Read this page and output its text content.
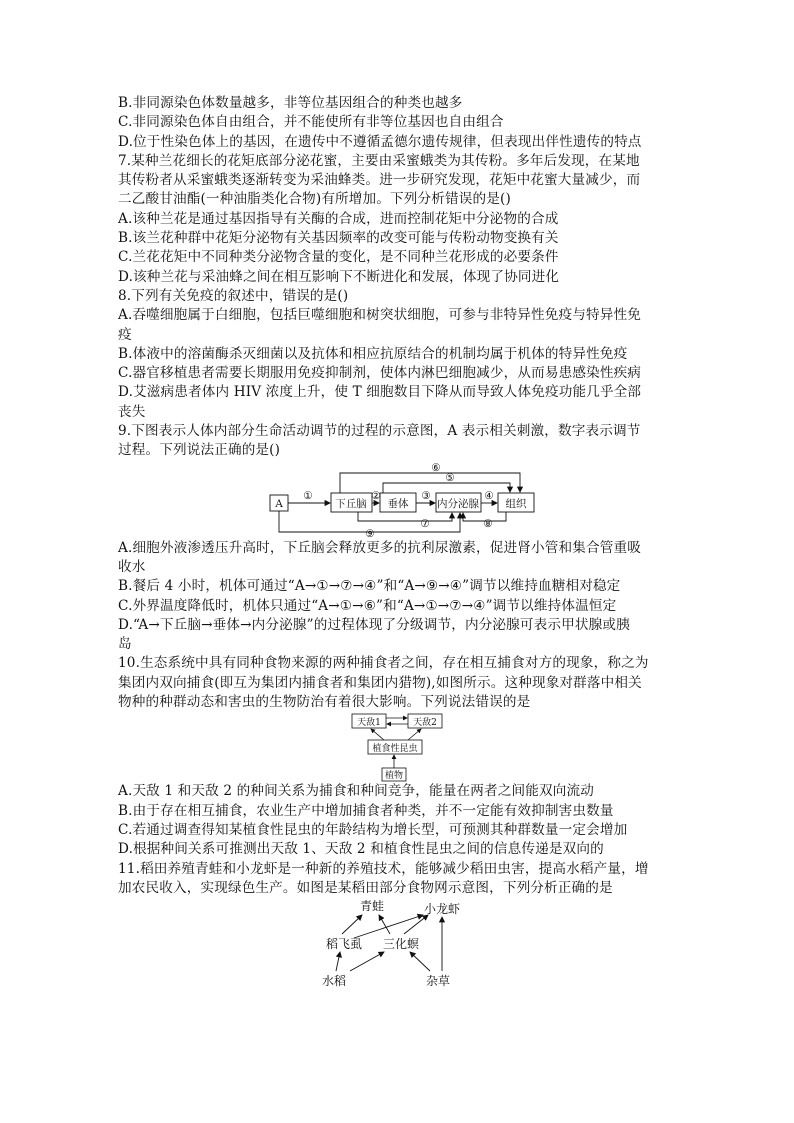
B.非同源染色体数量越多，非等位基因组合的种类也越多
C.非同源染色体自由组合，并不能使所有非等位基因也自由组合
D.位于性染色体上的基因，在遗传中不遵循孟德尔遗传规律，但表现出伴性遗传的特点
7.某种兰花细长的花矩底部分泌花蜜，主要由采蜜蛾类为其传粉。多年后发现，在某地
其传粉者从采蜜蛾类逐渐转变为采油蜂类。进一步研究发现，花矩中花蜜大量减少，而
二乙酸甘油酯(一种油脂类化合物)有所增加。下列分析错误的是()
A.该种兰花是通过基因指导有关酶的合成，进而控制花矩中分泌物的合成
B.该兰花种群中花矩分泌物有关基因频率的改变可能与传粉动物变换有关
C.兰花花矩中不同种类分泌物含量的变化，是不同种兰花形成的必要条件
D.该种兰花与采油蜂之间在相互影响下不断进化和发展，体现了协同进化
8.下列有关免疫的叙述中，错误的是()
A.吞噬细胞属于白细胞，包括巨噬细胞和树突状细胞，可参与非特异性免疫与特异性免
疫
B.体液中的溶菌酶杀灭细菌以及抗体和相应抗原结合的机制均属于机体的特异性免疫
C.器官移植患者需要长期服用免疫抑制剂，使体内淋巴细胞减少，从而易患感染性疾病
D.艾滋病患者体内 HIV 浓度上升，使 T 细胞数目下降从而导致人体免疫功能几乎全部
丧失
9.下图表示人体内部分生命活动调节的过程的示意图，A 表示相关刺激，数字表示调节
过程。下列说法正确的是()
A	下丘脑 垂体	内分泌腺	组织
①	②	③	④
⑤
⑥
⑦	⑧
⑨
A.细胞外液渗透压升高时，下丘脑会释放更多的抗利尿激素，促进肾小管和集合管重吸
收水
B.餐后 4 小时，机体可通过“A→①→⑦→④”和“A→⑨→④”调节以维持血糖相对稳定
C.外界温度降低时，机体只通过“A→①→⑥”和“A→①→⑦→④”调节以维持体温恒定
D.“A→下丘脑→垂体→内分泌腺”的过程体现了分级调节，内分泌腺可表示甲状腺或胰
岛
10.生态系统中具有同种食物来源的两种捕食者之间，存在相互捕食对方的现象，称之为
集团内双向捕食(即互为集团内捕食者和集团内猎物),如图所示。这种现象对群落中相关
物种的种群动态和害虫的生物防治有着很大影响。下列说法错误的是
天敌1	天敌2
植食性昆虫
植物
A.天敌 1 和天敌 2 的种间关系为捕食和种间竞争，能量在两者之间能双向流动
B.由于存在相互捕食，农业生产中增加捕食者种类，并不一定能有效抑制害虫数量
C.若通过调查得知某植食性昆虫的年龄结构为增长型，可预测其种群数量一定会增加
D.根据种间关系可推测出天敌 1、天敌 2 和植食性昆虫之间的信息传递是双向的
11.稻田养殖青蛙和小龙虾是一种新的养殖技术，能够减少稻田虫害，提高水稻产量，增
加农民收入，实现绿色生产。如图是某稻田部分食物网示意图，下列分析正确的是
青蛙	小龙虾
稻飞虱 三化螟
水稻	杂草
